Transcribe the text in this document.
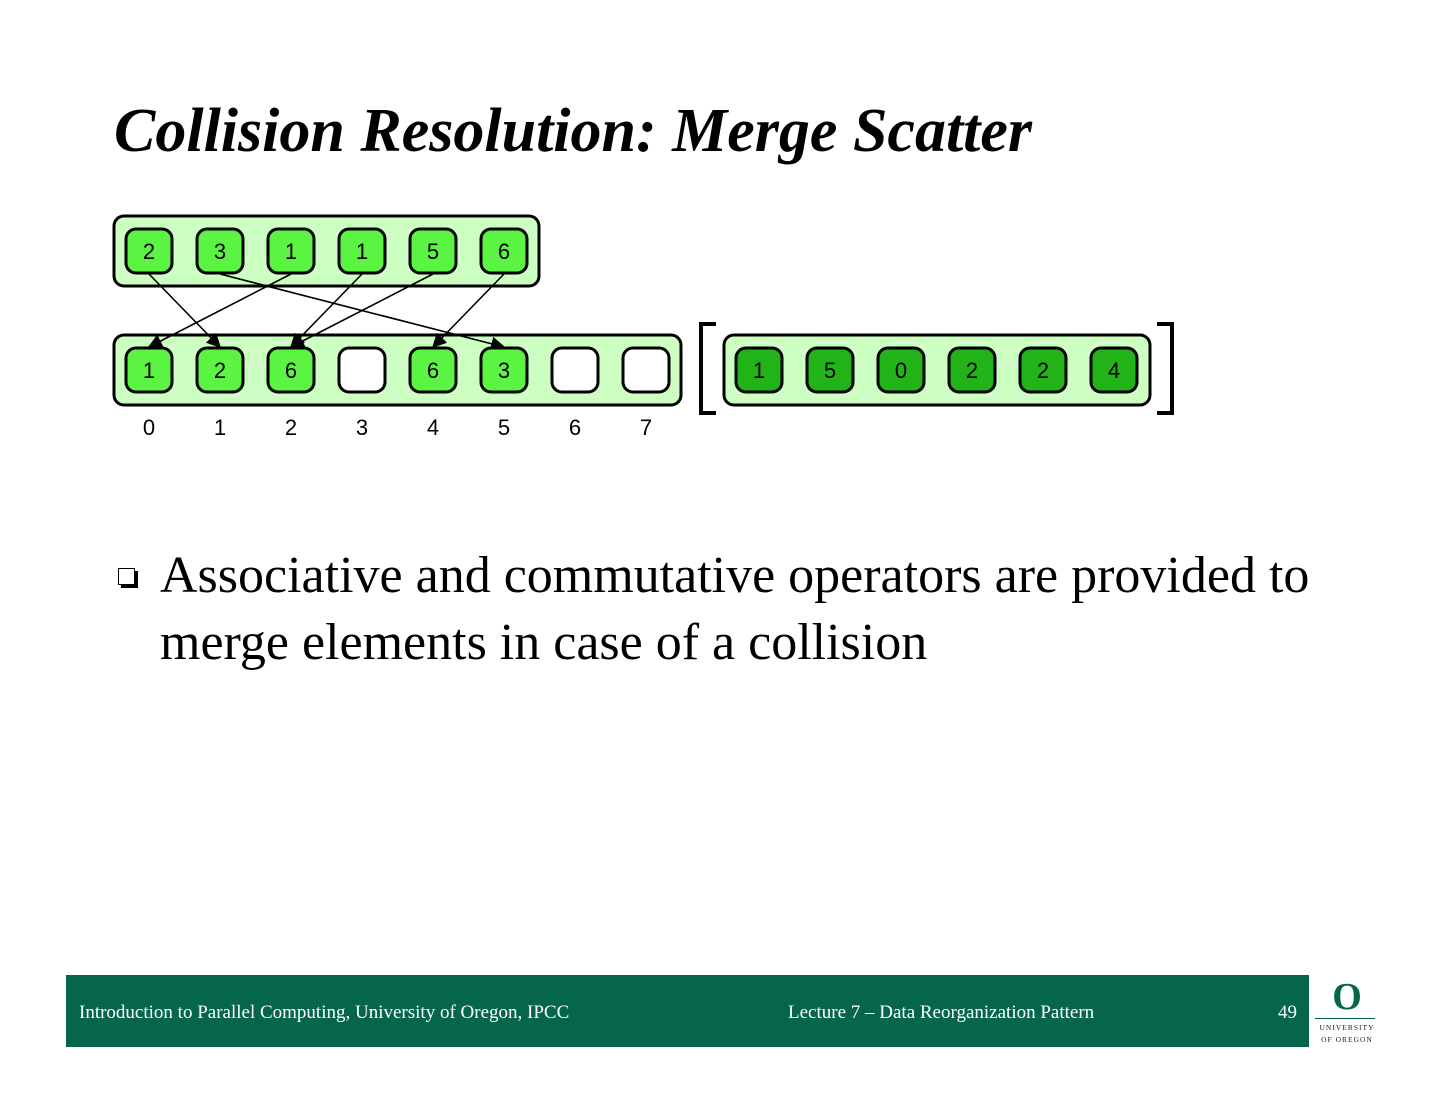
Collision Resolution: Merge Scatter
2	3	1	1	5	6
1	2	6	6	3	1	5	0	2	2	4
0	1	2	3	4	5	6	7

Associative and commutative operators are provided to merge elements in case of a collision

Introduction to Parallel Computing, University of Oregon, IPCC	Lecture 7 – Data Reorganization Pattern	49 O
UNIVERSITY
OF OREGON
